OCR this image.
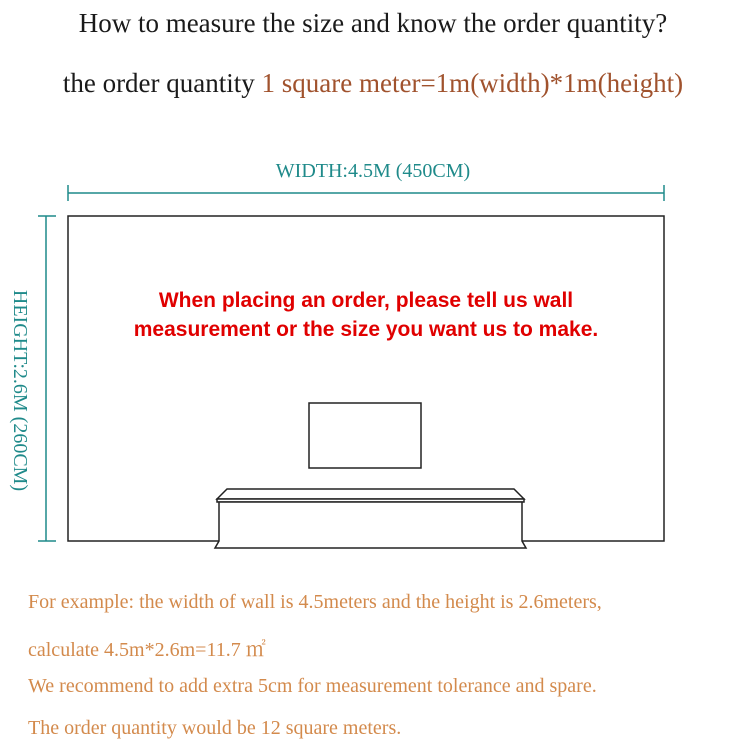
How to measure the size and know the order quantity?
the order quantity 1 square meter=1m(width)*1m(height)
WIDTH:4.5M (450CM)
HEIGHT:2.6M (260CM)	When placing an order, please tell us wall
measurement or the size you want us to make.
For example: the width of wall is 4.5meters and the height is 2.6meters,
calculate 4.5m*2.6m=11.7 ㎡
We recommend to add extra 5cm for measurement tolerance and spare.
The order quantity would be 12 square meters.
